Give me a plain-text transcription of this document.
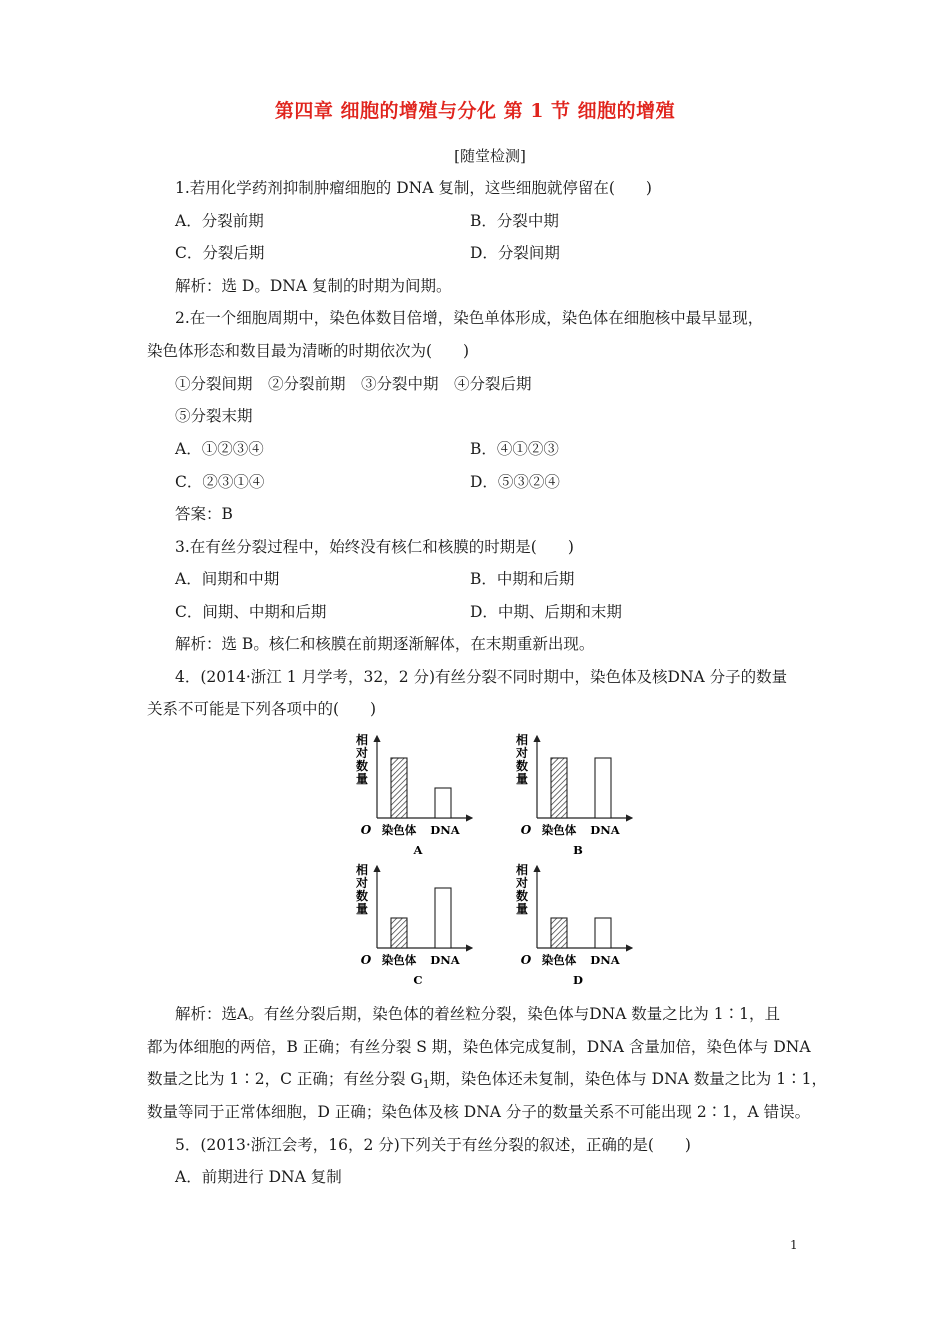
第四章 细胞的增殖与分化 第 1 节 细胞的增殖
[随堂检测]
1.若用化学药剂抑制肿瘤细胞的 DNA 复制，这些细胞就停留在(　　)
A．分裂前期	B．分裂中期
C．分裂后期	D．分裂间期
解析：选 D。DNA 复制的时期为间期。
2.在一个细胞周期中，染色体数目倍增，染色单体形成，染色体在细胞核中最早显现，
染色体形态和数目最为清晰的时期依次为(　　)
①分裂间期　②分裂前期　③分裂中期　④分裂后期
⑤分裂末期
A．①②③④	B．④①②③
C．②③①④	D．⑤③②④
答案：B
3.在有丝分裂过程中，始终没有核仁和核膜的时期是(　　)
A．间期和中期	B．中期和后期
C．间期、中期和后期	D．中期、后期和末期
解析：选 B。核仁和核膜在前期逐渐解体，在末期重新出现。
4．(2014·浙江 1 月学考，32，2 分)有丝分裂不同时期中，染色体及核DNA 分子的数量
关系不可能是下列各项中的(　　)
相
对
数
量
O 染色体 DNA
A
相
对
数
量
O 染色体 DNA
B
相
对
数
量
O 染色体 DNA
C
相
对
数
量
O 染色体 DNA
D
解析：选A。有丝分裂后期，染色体的着丝粒分裂，染色体与DNA 数量之比为 1∶1，且
都为体细胞的两倍，B 正确；有丝分裂 S 期，染色体完成复制，DNA 含量加倍，染色体与 DNA
数量之比为 1∶2，C 正确；有丝分裂 $G_1$期，染色体还未复制，染色体与 DNA 数量之比为 1∶1，
数量等同于正常体细胞，D 正确；染色体及核 DNA 分子的数量关系不可能出现 2∶1，A 错误。
5．(2013·浙江会考，16，2 分)下列关于有丝分裂的叙述，正确的是(　　)
A．前期进行 DNA 复制
1
